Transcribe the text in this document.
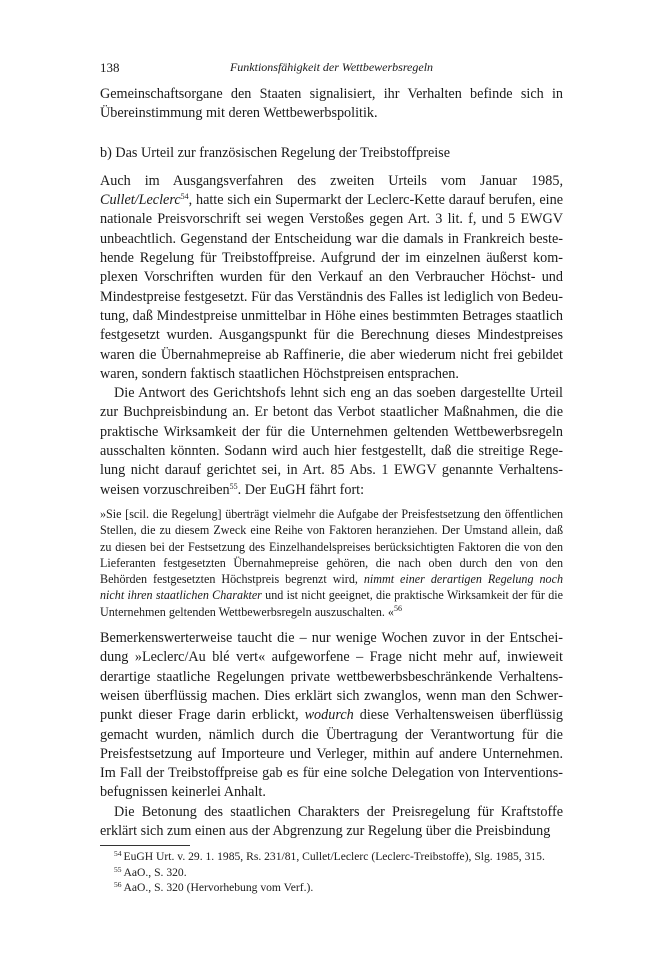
138	Funktionsfähigkeit der Wettbewerbsregeln

Gemeinschaftsorgane den Staaten signalisiert, ihr Verhalten befinde sich in Übereinstimmung mit deren Wettbewerbspolitik.

b) Das Urteil zur französischen Regelung der Treibstoffpreise

Auch im Ausgangsverfahren des zweiten Urteils vom Januar 1985, Cullet/Leclerc$^{54}$, hatte sich ein Supermarkt der Leclerc-Kette darauf berufen, eine nationale Preisvorschrift sei wegen Verstoßes gegen Art. 3 lit. f, und 5 EWGV unbeachtlich. Gegenstand der Entscheidung war die damals in Frankreich bestehende Regelung für Treibstoffpreise. Aufgrund der im einzelnen äußerst komplexen Vorschriften wurden für den Verkauf an den Verbraucher Höchst- und Mindestpreise festgesetzt. Für das Verständnis des Falles ist lediglich von Bedeutung, daß Mindestpreise unmittelbar in Höhe eines bestimmten Betrages staatlich festgesetzt wurden. Ausgangspunkt für die Berechnung dieses Mindestpreises waren die Übernahmepreise ab Raffinerie, die aber wiederum nicht frei gebildet waren, sondern faktisch staatlichen Höchstpreisen entsprachen.

Die Antwort des Gerichtshofs lehnt sich eng an das soeben dargestellte Urteil zur Buchpreisbindung an. Er betont das Verbot staatlicher Maßnahmen, die die praktische Wirksamkeit der für die Unternehmen geltenden Wettbewerbsregeln ausschalten könnten. Sodann wird auch hier festgestellt, daß die streitige Regelung nicht darauf gerichtet sei, in Art. 85 Abs. 1 EWGV genannte Verhaltensweisen vorzuschreiben$^{55}$. Der EuGH fährt fort:

»Sie [scil. die Regelung] überträgt vielmehr die Aufgabe der Preisfestsetzung den öffentlichen Stellen, die zu diesem Zweck eine Reihe von Faktoren heranziehen. Der Umstand allein, daß zu diesen bei der Festsetzung des Einzelhandelspreises berücksichtigten Faktoren die von den Lieferanten festgesetzten Übernahmepreise gehören, die nach oben durch den von den Behörden festgesetzten Höchstpreis begrenzt wird, nimmt einer derartigen Regelung noch nicht ihren staatlichen Charakter und ist nicht geeignet, die praktische Wirksamkeit der für die Unternehmen geltenden Wettbewerbsregeln auszuschalten. «$^{56}$

Bemerkenswerterweise taucht die – nur wenige Wochen zuvor in der Entscheidung »Leclerc/Au blé vert« aufgeworfene – Frage nicht mehr auf, inwieweit derartige staatliche Regelungen private wettbewerbsbeschränkende Verhaltensweisen überflüssig machen. Dies erklärt sich zwanglos, wenn man den Schwerpunkt dieser Frage darin erblickt, wodurch diese Verhaltensweisen überflüssig gemacht wurden, nämlich durch die Übertragung der Verantwortung für die Preisfestsetzung auf Importeure und Verleger, mithin auf andere Unternehmen. Im Fall der Treibstoffpreise gab es für eine solche Delegation von Interventionsbefugnissen keinerlei Anhalt.

Die Betonung des staatlichen Charakters der Preisregelung für Kraftstoffe erklärt sich zum einen aus der Abgrenzung zur Regelung über die Preisbindung

$^{54}$ EuGH Urt. v. 29. 1. 1985, Rs. 231/81, Cullet/Leclerc (Leclerc-Treibstoffe), Slg. 1985, 315.

$^{55}$ AaO., S. 320.

$^{56}$ AaO., S. 320 (Hervorhebung vom Verf.).
